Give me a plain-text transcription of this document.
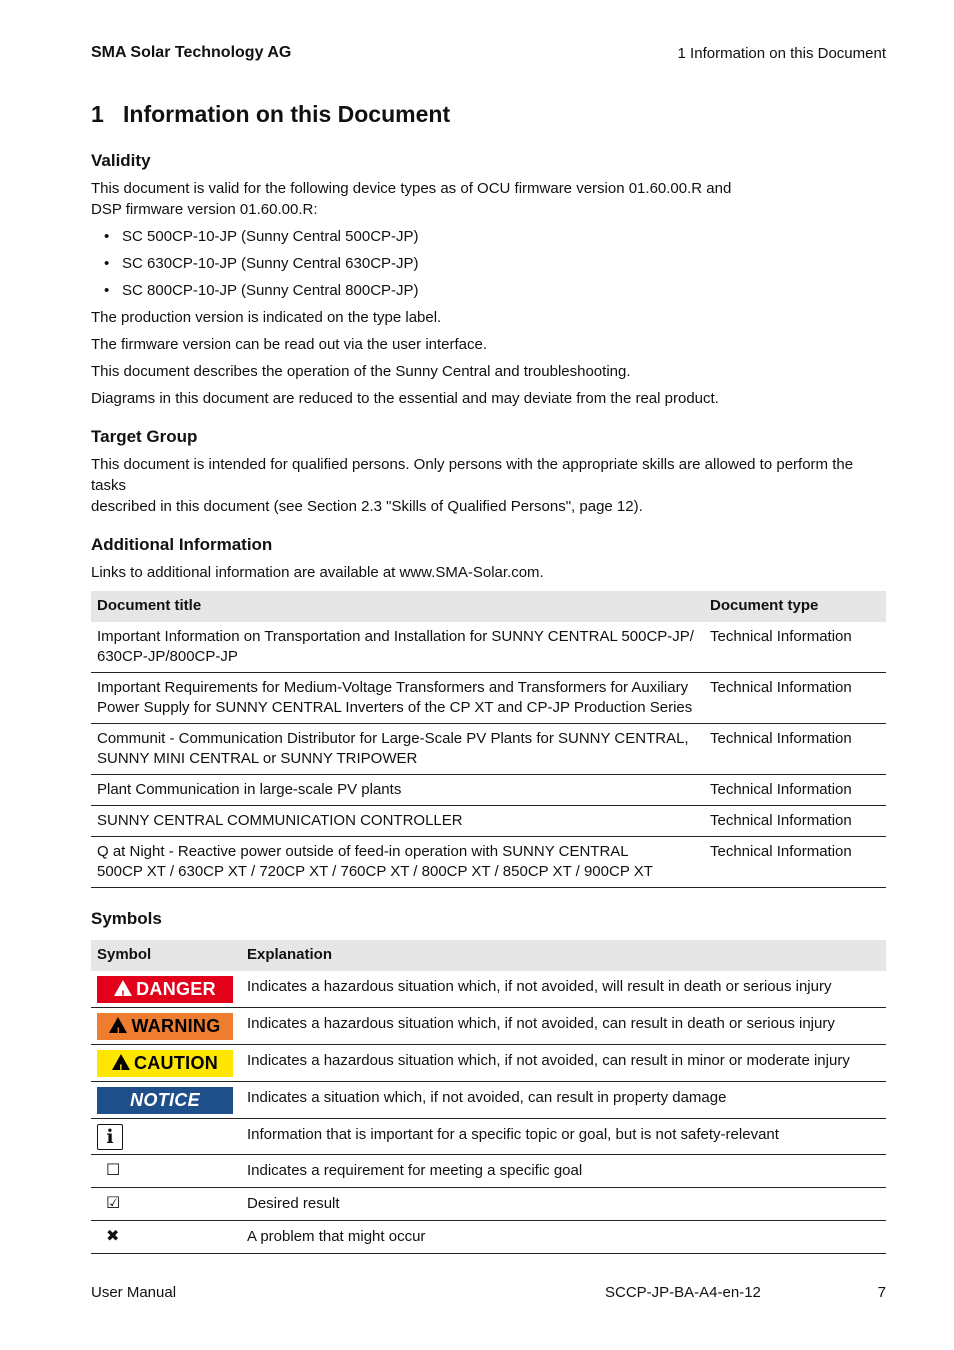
SMA Solar Technology AG	1 Information on this Document
1 Information on this Document
Validity

This document is valid for the following device types as of OCU firmware version 01.60.00.R and
DSP firmware version 01.60.00.R:

• SC 500CP-10-JP (Sunny Central 500CP-JP)
• SC 630CP-10-JP (Sunny Central 630CP-JP)
• SC 800CP-10-JP (Sunny Central 800CP-JP)

The production version is indicated on the type label.

The firmware version can be read out via the user interface.

This document describes the operation of the Sunny Central and troubleshooting.

Diagrams in this document are reduced to the essential and may deviate from the real product.

Target Group

This document is intended for qualified persons. Only persons with the appropriate skills are allowed to perform the tasks
described in this document (see Section 2.3 "Skills of Qualified Persons", page 12).

Additional Information

Links to additional information are available at www.SMA-Solar.com.

Document title	Document type
Important Information on Transportation and Installation for SUNNY CENTRAL 500CP-JP/
630CP-JP/800CP-JP	Technical Information
Important Requirements for Medium-Voltage Transformers and Transformers for Auxiliary
Power Supply for SUNNY CENTRAL Inverters of the CP XT and CP-JP Production Series	Technical Information
Communit - Communication Distributor for Large-Scale PV Plants for SUNNY CENTRAL,
SUNNY MINI CENTRAL or SUNNY TRIPOWER	Technical Information
Plant Communication in large-scale PV plants	Technical Information
SUNNY CENTRAL COMMUNICATION CONTROLLER	Technical Information
Q at Night - Reactive power outside of feed-in operation with SUNNY CENTRAL
500CP XT / 630CP XT / 720CP XT / 760CP XT / 800CP XT / 850CP XT / 900CP XT	Technical Information
Symbols
Symbol	Explanation

!DANGER	Indicates a hazardous situation which, if not avoided, will result in death or serious injury

!WARNING	Indicates a hazardous situation which, if not avoided, can result in death or serious injury

!CAUTION	Indicates a hazardous situation which, if not avoided, can result in minor or moderate injury

NOTICE	Indicates a situation which, if not avoided, can result in property damage
i	Information that is important for a specific topic or goal, but is not safety-relevant
☐	Indicates a requirement for meeting a specific goal
☑	Desired result
✖	A problem that might occur
User Manual	SCCP-JP-BA-A4-en-12	7
